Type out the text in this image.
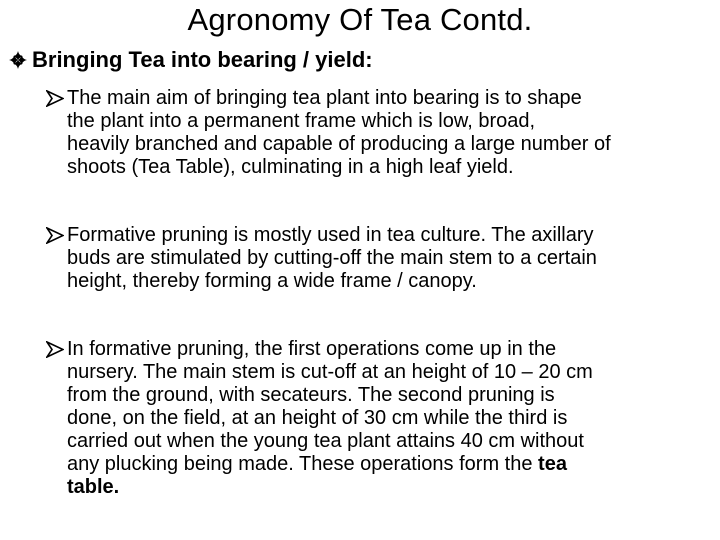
Agronomy Of Tea Contd.
Bringing Tea into bearing / yield:
The main aim of bringing tea plant into bearing is to shape
the plant into a permanent frame which is low, broad,
heavily branched and capable of producing a large number of
shoots (Tea Table), culminating in a high leaf yield.
Formative pruning is mostly used in tea culture. The axillary
buds are stimulated by cutting-off the main stem to a certain
height, thereby forming a wide frame / canopy.
In formative pruning, the first operations come up in the
nursery. The main stem is cut-off at an height of 10 – 20 cm
from the ground, with secateurs. The second pruning is
done, on the field, at an height of 30 cm while the third is
carried out when the young tea plant attains 40 cm without
any plucking being made. These operations form the tea
table.
